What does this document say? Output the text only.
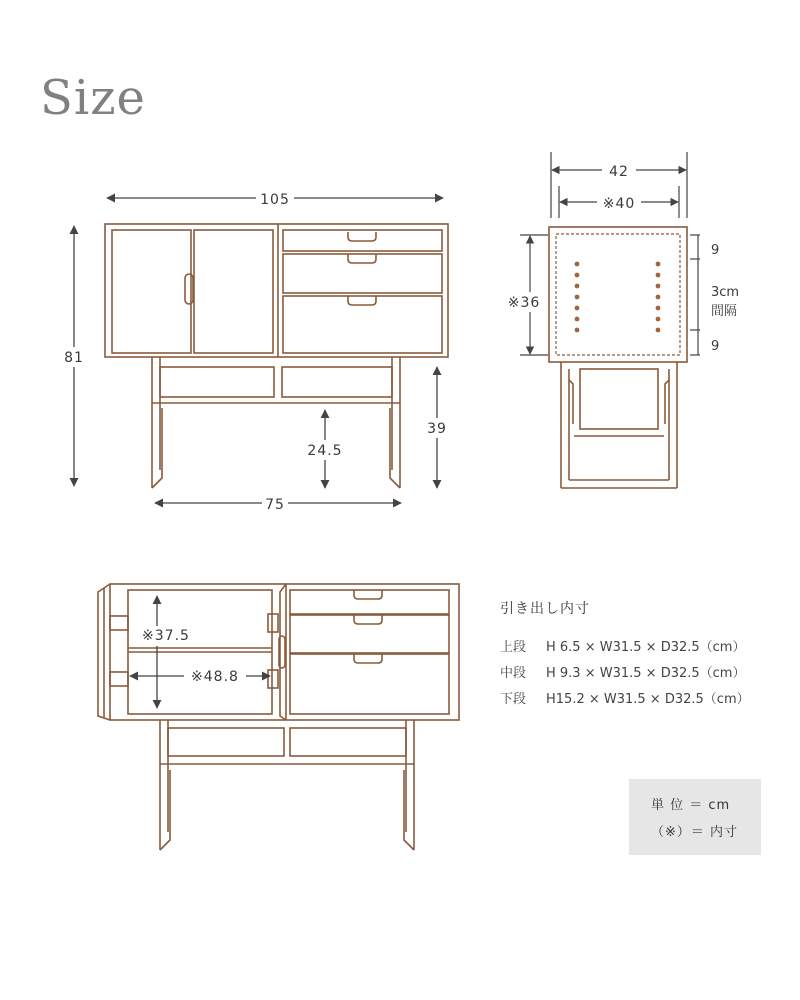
Size
105
81
75
39
24.5
42
※40
※36
9
3cm
間隔
9
※37.5
※48.8
引き出し内寸
上段	H 6.5 × W31.5 × D32.5（cm）
中段	H 9.3 × W31.5 × D32.5（cm）
下段	H15.2 × W31.5 × D32.5（cm）
単 位 ＝ cm
（※）＝ 内寸
